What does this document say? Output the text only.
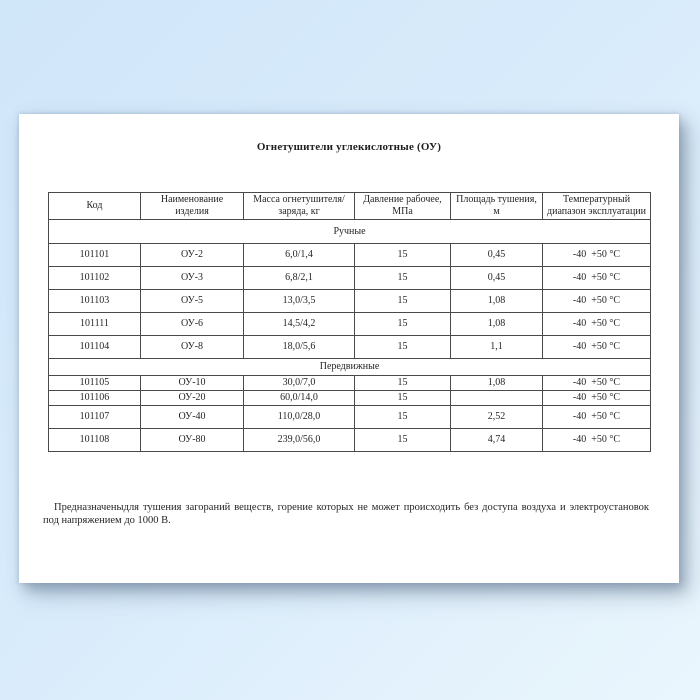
Огнетушители углекислотные (ОУ)
Код	Наименование изделия	Масса огнетушителя/ заряда, кг	Давление рабочее, МПа	Площадь тушения, м	Температурный диапазон эксплуатации
Ручные					
101101	ОУ-2	6,0/1,4	15	0,45	-40  +50 °С
101102	ОУ-3	6,8/2,1	15	0,45	-40  +50 °С
101103	ОУ-5	13,0/3,5	15	1,08	-40  +50 °С
101111	ОУ-6	14,5/4,2	15	1,08	-40  +50 °С
101104	ОУ-8	18,0/5,6	15	1,1	-40  +50 °С
Передвижные					
101105	ОУ-10	30,0/7,0	15	1,08	-40  +50 °С
101106	ОУ-20	60,0/14,0	15		-40  +50 °С
101107	ОУ-40	110,0/28,0	15	2,52	-40  +50 °С
101108	ОУ-80	239,0/56,0	15	4,74	-40  +50 °С
Предназначеныдля тушения загораний веществ, горение которых не может происходить без доступа воздуха и электроустановок под напряжением до 1000 В.
